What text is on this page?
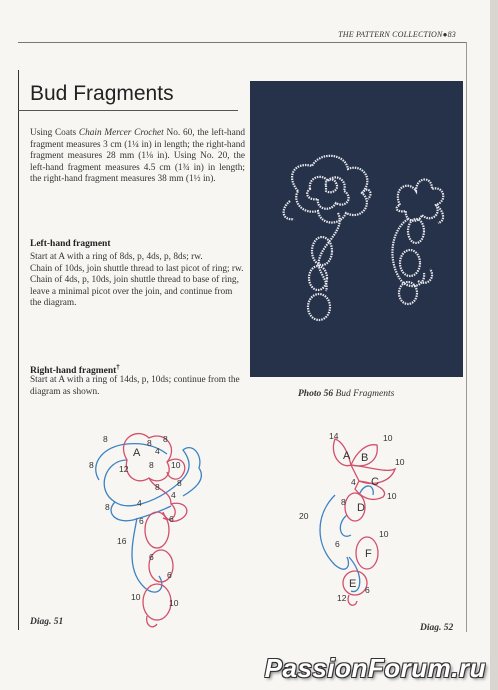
THE PATTERN COLLECTION●83
Bud Fragments
Using Coats Chain Mercer Crochet No. 60, the left-hand fragment measures 3 cm (1¼ in) in length; the right-hand fragment measures 28 mm (1⅛ in). Using No. 20, the left-hand fragment measures 4.5 cm (1¾ in) in length; the right-hand fragment measures 38 mm (1½ in).
Left-hand fragment
Start at A with a ring of 8ds, p, 4ds, p, 8ds; rw.
Chain of 10ds, join shuttle thread to last picot of ring; rw.
Chain of 4ds, p, 10ds, join shuttle thread to base of ring, leave a minimal picot over the join, and continue from the diagram.
Right-hand fragment†
Start at A with a ring of 14ds, p, 10ds; continue from the diagram as shown.	Photo 56 Bud Fragments
8
A
8
4
8
12 8 10
8
8
8
8	4
4
6
6
16
6
6
10
10
Diag. 51
14	10
A B	10
4 C
10
20
D
8
6
F
10
E 6
12
Diag. 52
PassionForum.ru
